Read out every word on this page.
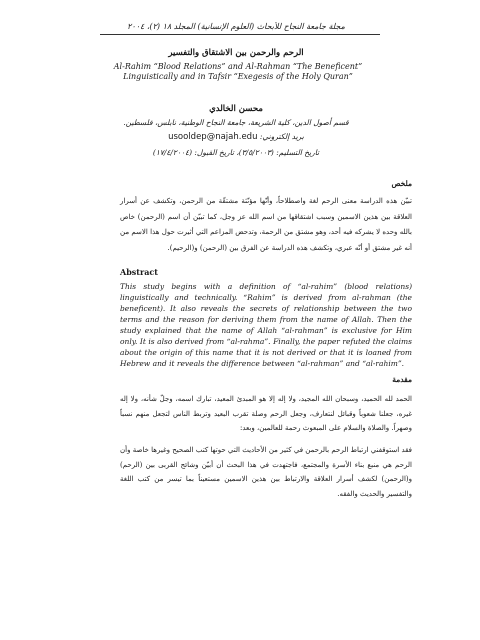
مجلة جامعة النجاح للأبحاث (العلوم الإنسانية) المجلد ١٨ (٢)، ٢٠٠٤
الرحم والرحمن بين الاشتقاق والتفسير
Al-Rahim “Blood Relations” and Al-Rahman “The Beneficent” Linguistically and in Tafsir “Exegesis of the Holy Quran”
محسن الخالدي
قسم أصول الدين، كلية الشريعة، جامعة النجاح الوطنية، نابلس، فلسطين.
بريد إلكتروني: usooldep@najah.edu
تاريخ التسليم: (٣/٥/٢٠٠٣)، تاريخ القبول: (١٧/٤/٢٠٠٤)
ملخص
تبيّن هذه الدراسة معنى الرحم لغة واصطلاحاً، وأنّها مؤنّثة مشتقّة من الرحمن، وتكشف عن أسرار العلاقة بين هذين الاسمين وسبب اشتقاقها من اسم الله عز وجل، كما تبيّن أن اسم (الرحمن) خاص بالله وحده لا يشركه فيه أحد، وهو مشتق من الرحمة، وتدحض المزاعم التي أثيرت حول هذا الاسم من أنه غير مشتق أو أنّه عبري، وتكشف هذه الدراسة عن الفرق بين (الرحمن) و(الرحيم).
Abstract
This study begins with a definition of “al-rahim” (blood relations) linguistically and technically. “Rahim” is derived from al-rahman (the beneficent). It also reveals the secrets of relationship between the two terms and the reason for deriving them from the name of Allah. Then the study explained that the name of Allah “al-rahman” is exclusive for Him only. It is also derived from “al-rahma”. Finally, the paper refuted the claims about the origin of this name that it is not derived or that it is loaned from Hebrew and it reveals the difference between “al-rahman” and “al-rahim”.
مقدمة
الحمد لله الحميد، وسبحان الله المجيد، ولا إله إلا هو المبدئ المعيد، تبارك اسمه، وجلّ شأنه، ولا إله غيره، جعلنا شعوباً وقبائل لنتعارف، وجعل الرحم وصلة تقرب البعيد وتربط الناس لتجعل منهم نسباً وصهراً. والصلاة والسلام على المبعوث رحمة للعالمين، وبعد:
فقد استوقفني ارتباط الرحم بالرحمن في كثير من الأحاديث التي حوتها كتب الصحيح وغيرها خاصة وأن الرحم هي منبع بناء الأسرة والمجتمع، فاجتهدت في هذا البحث أن أبيّن وشائج القربى بين (الرحم) و(الرحمن) لكشف أسرار العلاقة والارتباط بين هذين الاسمين مستعيناً بما تيسر من كتب اللغة والتفسير والحديث والفقه.
